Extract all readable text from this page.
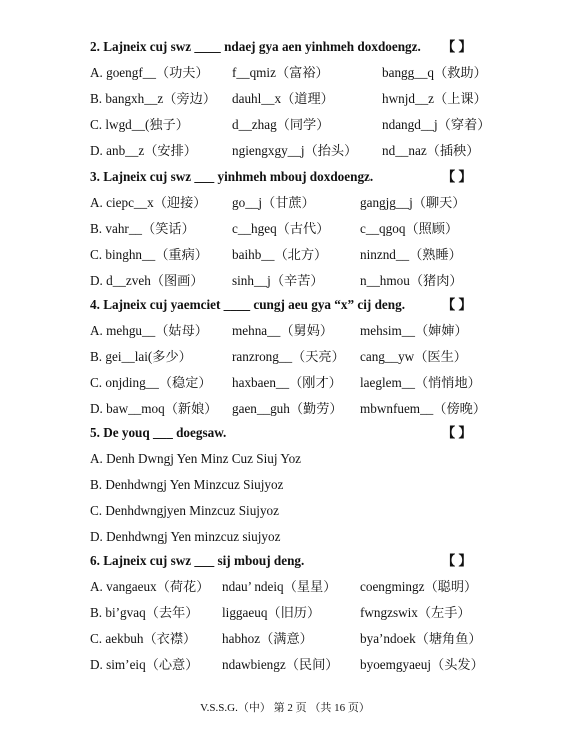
2. Lajneix cuj swz ____ ndaej gya aen yinhmeh doxdoengz. 【 】
A. goengf__（功夫） f__qmiz（富裕）	bangg__q（救助）
B. bangxh__z（旁边） dauhl__x（道理）	hwnjd__z（上课）
C. lwgd__(独子）	d__zhag（同学）	ndangd__j（穿着）
D. anb__z（安排）	ngiengxgy__j（抬头） nd__naz（插秧）
3. Lajneix cuj swz ___ yinhmeh mbouj doxdoengz.	【 】
A. ciepc__x（迎接） go__j（甘蔗）	gangjg__j（聊天）
B. vahr__（笑话）	c__hgeq（古代） c__qgoq（照顾）
C. binghn__（重病） baihb__（北方） ninznd__（熟睡）
D. d__zveh（图画） sinh__j（辛苦）	n__hmou（猪肉）
4. Lajneix cuj yaemciet ____ cungj aeu gya “x” cij deng.	【 】
A. mehgu__（姑母） mehna__（舅妈） mehsim__（婶婶）
B. gei__lai(多少）	ranzrong__（天亮） cang__yw（医生）
C. onjding__（稳定） haxbaen__（刚才） laeglem__（悄悄地）
D. baw__moq（新娘） gaen__guh（勤劳） mbwnfuem__（傍晚）
5. De youq ___ doegsaw.	【 】
A. Denh Dwngj Yen Minz Cuz Siuj Yoz
B. Denhdwngj Yen Minzcuz Siujyoz
C. Denhdwngjyen Minzcuz Siujyoz
D. Denhdwngj Yen minzcuz siujyoz
6. Lajneix cuj swz ___ sij mbouj deng.	【 】
A. vangaeux（荷花） ndau’ ndeiq（星星） coengmingz（聪明）
B. bi’gvaq（去年） liggaeuq（旧历）	fwngzswix（左手）
C. aekbuh（衣襟） habhoz（满意）	bya’ndoek（塘角鱼）
D. sim’eiq（心意） ndawbiengz（民间） byoemgyaeuj（头发）
V.S.S.G.（中） 第 2 页 （共 16 页）
